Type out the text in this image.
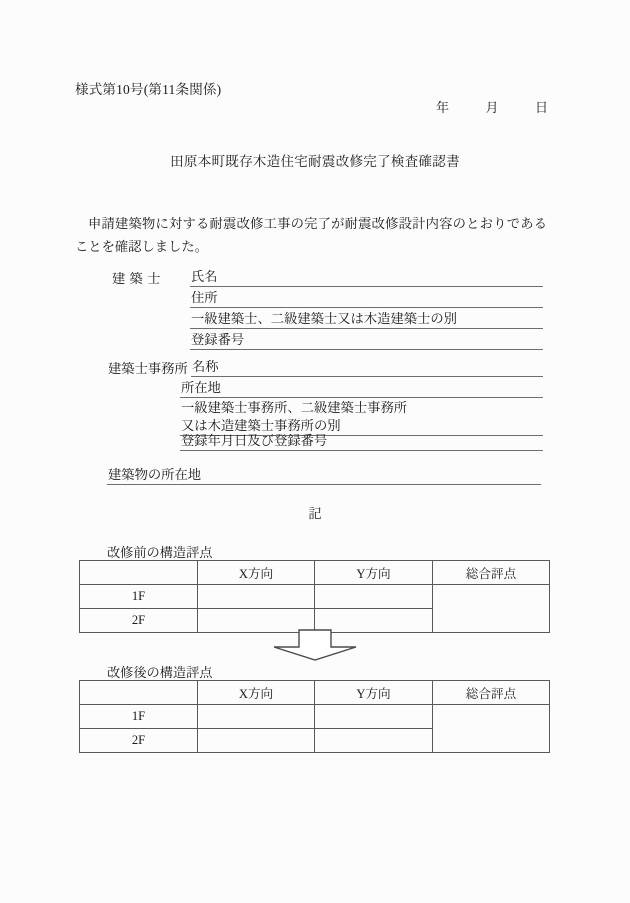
様式第10号(第11条関係)
年	月	日
田原本町既存木造住宅耐震改修完了検査確認書
申請建築物に対する耐震改修工事の完了が耐震改修設計内容のとおりであることを確認しました。
建築士	氏名
住所
一級建築士、二級建築士又は木造建築士の別
登録番号
建築士事務所 名称
所在地
一級建築士事務所、二級建築士事務所
又は木造建築士事務所の別
登録年月日及び登録番号
建築物の所在地
記
改修前の構造評点
	X方向	Y方向	総合評点
1F			
2F			
改修後の構造評点
	X方向	Y方向	総合評点
1F			
2F			
